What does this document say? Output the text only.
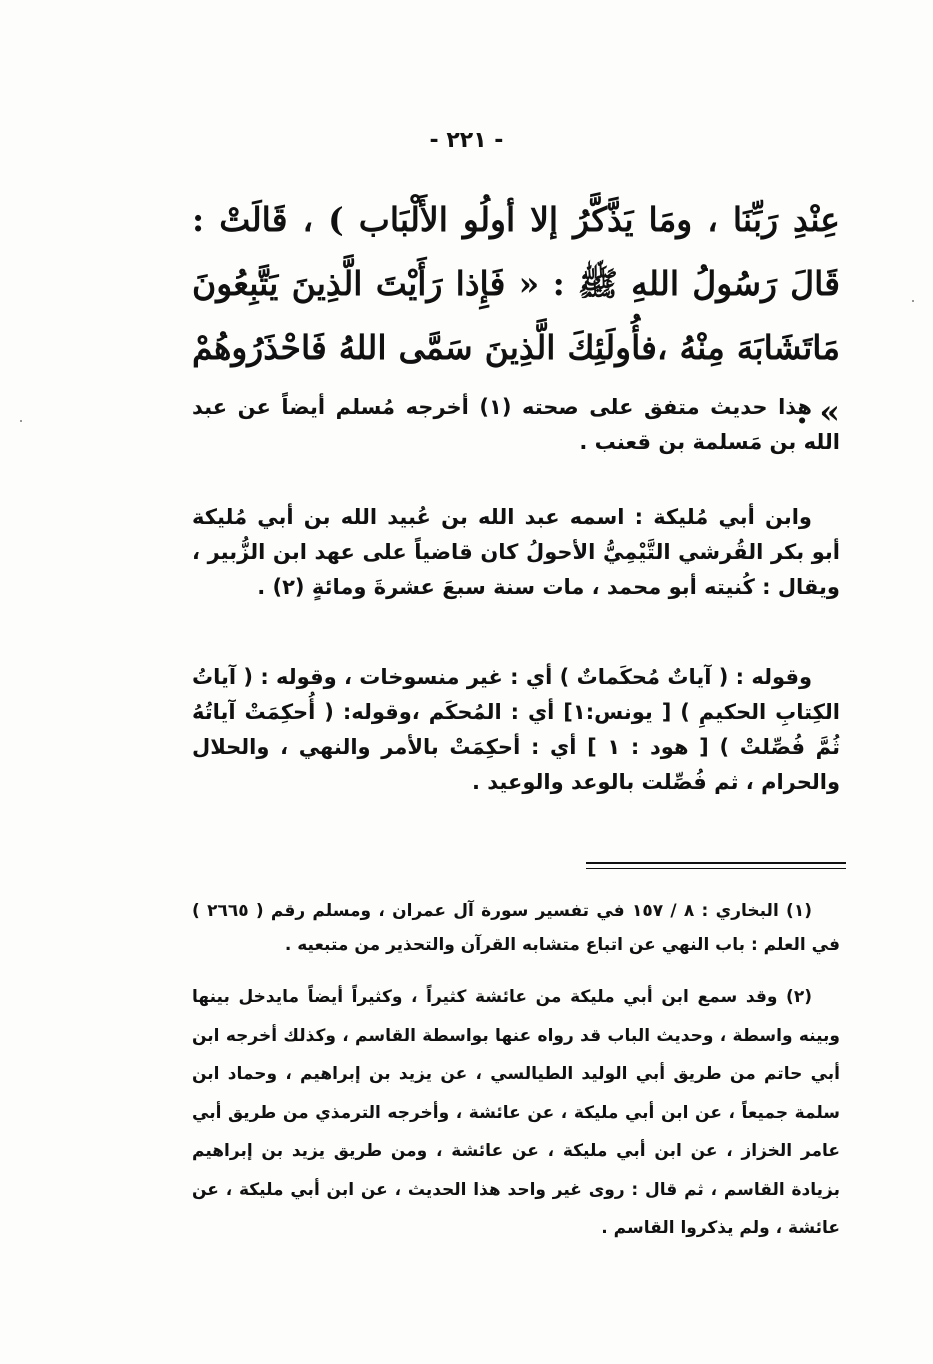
- ٢٢١ -
عِنْدِ رَبِّنَا ، ومَا يَذَّكَّرُ إلا أولُو الأَلْبَاب ) ، قَالَتْ : قَالَ رَسُولُ اللهِ ﷺ : « فَإِذا رَأَيْتَ الَّذِينَ يَتَّبِعُونَ مَاتَشَابَهَ مِنْهُ ،فأُولَئِكَ الَّذِينَ سَمَّى اللهُ فَاحْذَرُوهُمْ » .
هذا حديث متفق على صحته (١) أخرجه مُسلم أيضاً عن عبد الله بن مَسلمة بن قعنب .
وابن أبي مُليكة : اسمه عبد الله بن عُبيد الله بن أبي مُليكة أبو بكر القُرشي التَّيْمِيُّ الأحولُ كان قاضياً على عهد ابن الزُّبير ، ويقال : كُنيته أبو محمد ، مات سنة سبعَ عشرةَ ومائةٍ (٢) .
وقوله : ( آياتٌ مُحكَماتٌ ) أي : غير منسوخات ، وقوله : ( آياتُ الكِتابِ الحكيمِ ) [ يونس:١] أي : المُحكَم ،وقوله: ( أُحكِمَتْ آياتُهُ ثُمَّ فُصِّلتْ ) [ هود : ١ ] أي : أحكِمَتْ بالأمر والنهي ، والحلال والحرام ، ثم فُصِّلت بالوعد والوعيد .
(١) البخاري : ٨ / ١٥٧ في تفسير سورة آل عمران ، ومسلم رقم ( ٢٦٦٥ ) في العلم : باب النهي عن اتباع متشابه القرآن والتحذير من متبعيه .
(٢) وقد سمع ابن أبي مليكة من عائشة كثيراً ، وكثيراً أيضاً مايدخل بينها وبينه واسطة ، وحديث الباب قد رواه عنها بواسطة القاسم ، وكذلك أخرجه ابن أبي حاتم من طريق أبي الوليد الطيالسي ، عن يزيد بن إبراهيم ، وحماد ابن سلمة جميعاً ، عن ابن أبي مليكة ، عن عائشة ، وأخرجه الترمذي من طريق أبي عامر الخزاز ، عن ابن أبي مليكة ، عن عائشة ، ومن طريق يزيد بن إبراهيم بزيادة القاسم ، ثم قال : روى غير واحد هذا الحديث ، عن ابن أبي مليكة ، عن عائشة ، ولم يذكروا القاسم .
